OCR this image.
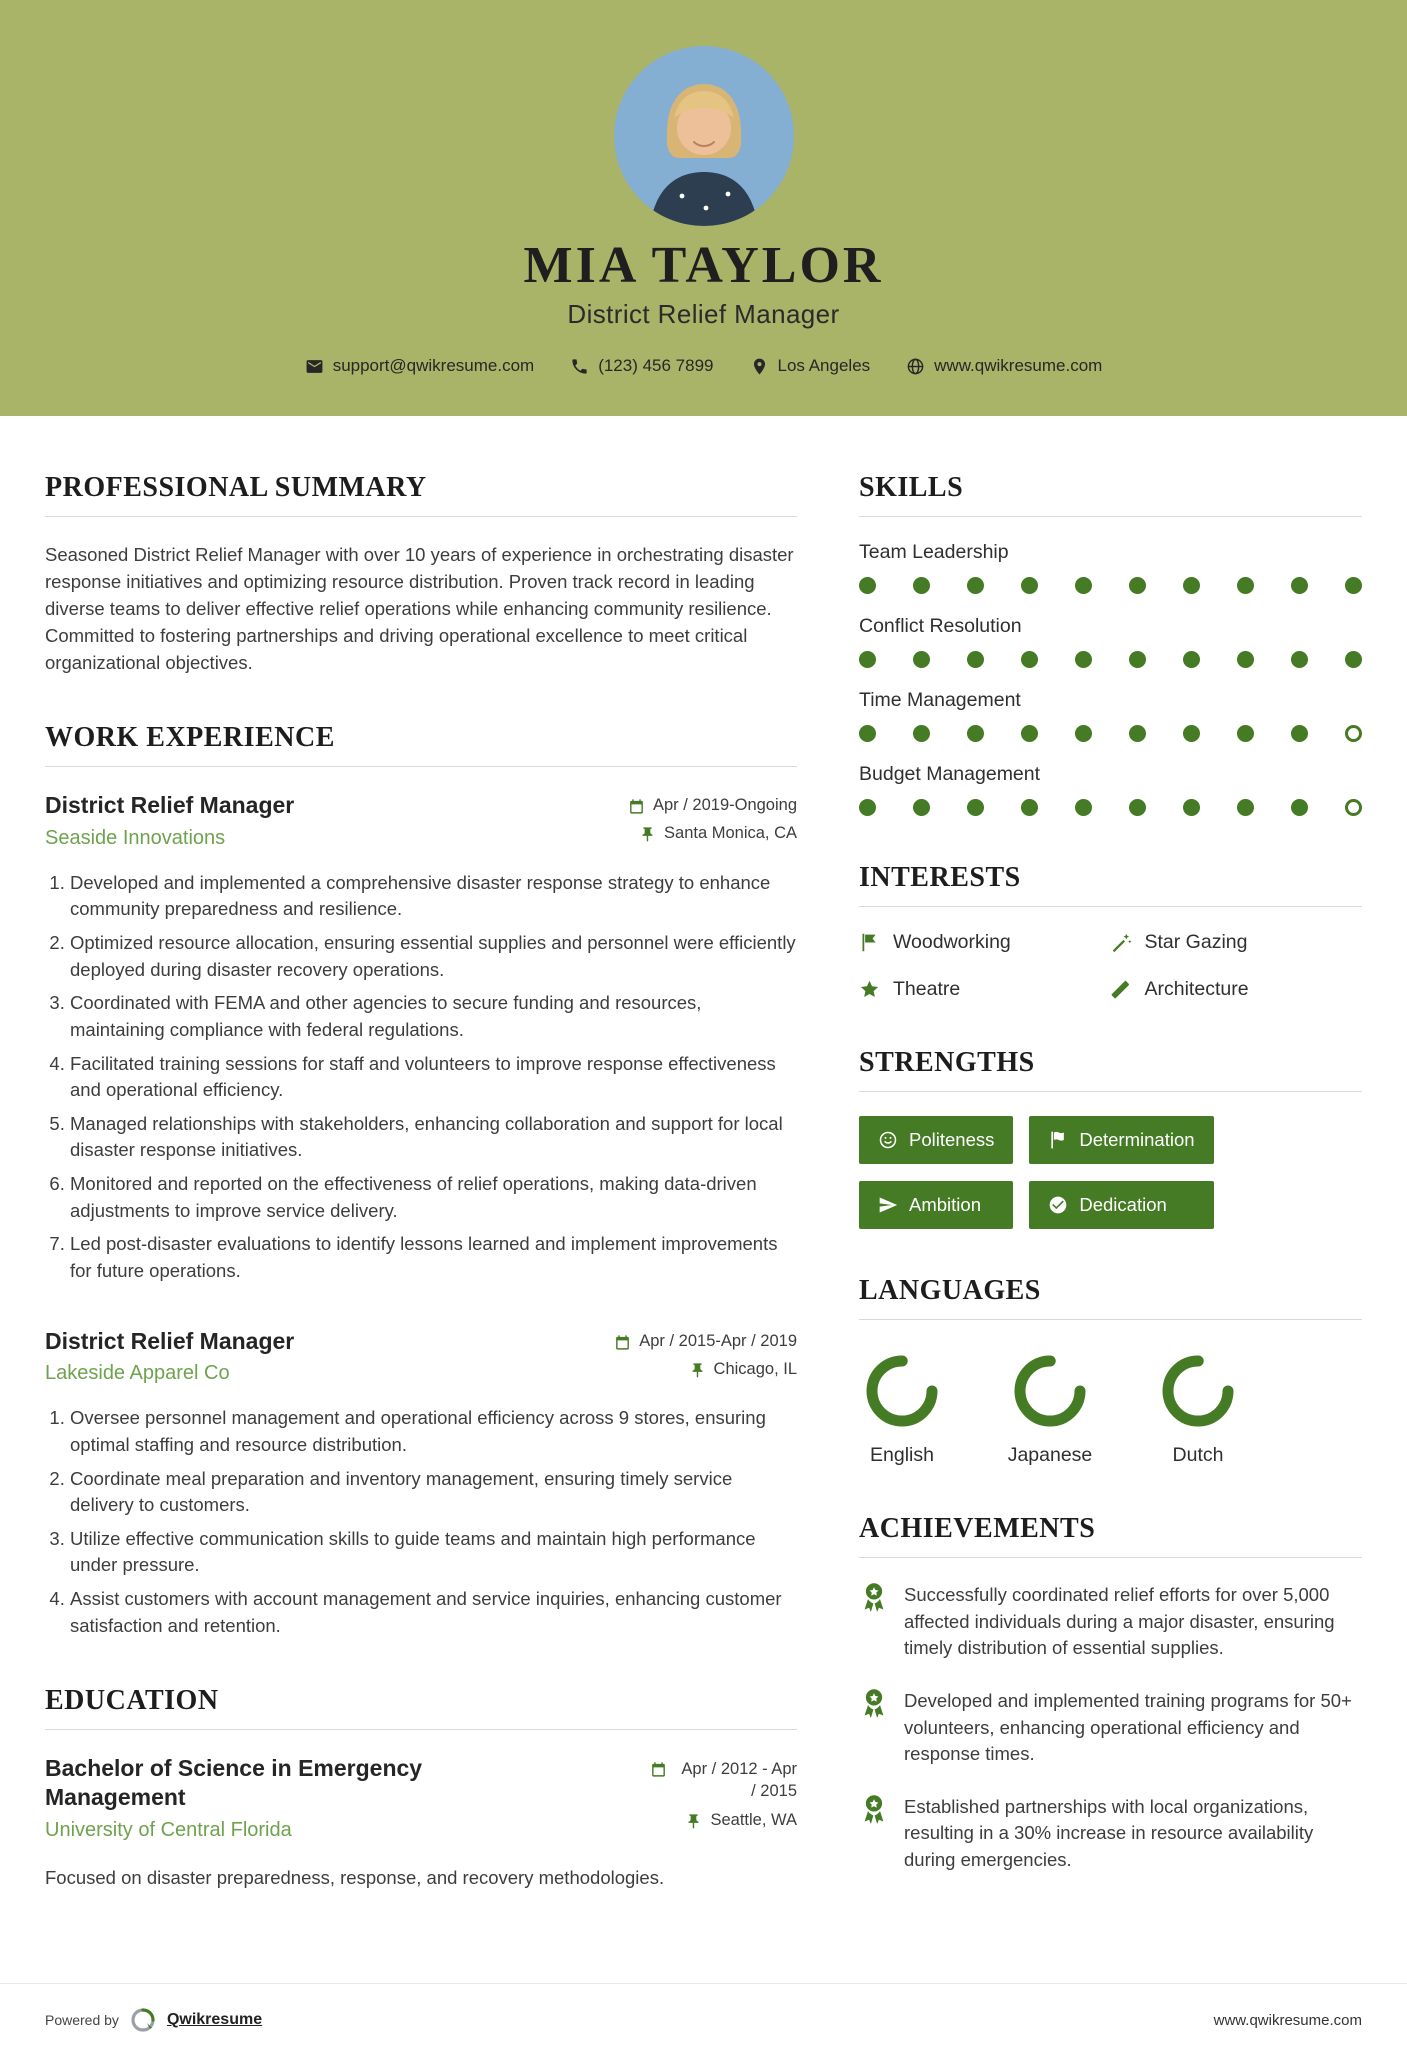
MIA TAYLOR
District Relief Manager
support@qwikresume.com	(123) 456 7899	Los Angeles	www.qwikresume.com
PROFESSIONAL SUMMARY

Seasoned District Relief Manager with over 10 years of experience in orchestrating disaster response initiatives and optimizing resource distribution. Proven track record in leading diverse teams to deliver effective relief operations while enhancing community resilience. Committed to fostering partnerships and driving operational excellence to meet critical organizational objectives.

WORK EXPERIENCE
District Relief Manager
Seaside Innovations
Apr / 2019-Ongoing
Santa Monica, CA
1. Developed and implemented a comprehensive disaster response strategy to enhance community preparedness and resilience.
2. Optimized resource allocation, ensuring essential supplies and personnel were efficiently deployed during disaster recovery operations.
3. Coordinated with FEMA and other agencies to secure funding and resources, maintaining compliance with federal regulations.
4. Facilitated training sessions for staff and volunteers to improve response effectiveness and operational efficiency.
5. Managed relationships with stakeholders, enhancing collaboration and support for local disaster response initiatives.
6. Monitored and reported on the effectiveness of relief operations, making data-driven adjustments to improve service delivery.
7. Led post-disaster evaluations to identify lessons learned and implement improvements for future operations.
District Relief Manager
Lakeside Apparel Co
Apr / 2015-Apr / 2019
Chicago, IL
1. Oversee personnel management and operational efficiency across 9 stores, ensuring optimal staffing and resource distribution.
2. Coordinate meal preparation and inventory management, ensuring timely service delivery to customers.
3. Utilize effective communication skills to guide teams and maintain high performance under pressure.
4. Assist customers with account management and service inquiries, enhancing customer satisfaction and retention.
EDUCATION
Bachelor of Science in Emergency Management
University of Central Florida
Apr / 2012 - Apr / 2015
Seattle, WA

Focused on disaster preparedness, response, and recovery methodologies.

SKILLS
Team Leadership
Conflict Resolution
Time Management
Budget Management
INTERESTS
Woodworking	Star Gazing
Theatre	Architecture
STRENGTHS
Politeness	Determination
Ambition	Dedication
LANGUAGES
English	Japanese	Dutch
ACHIEVEMENTS

Successfully coordinated relief efforts for over 5,000 affected individuals during a major disaster, ensuring timely distribution of essential supplies.

Developed and implemented training programs for 50+ volunteers, enhancing operational efficiency and response times.

Established partnerships with local organizations, resulting in a 30% increase in resource availability during emergencies.

Powered by	Qwikresume	www.qwikresume.com
